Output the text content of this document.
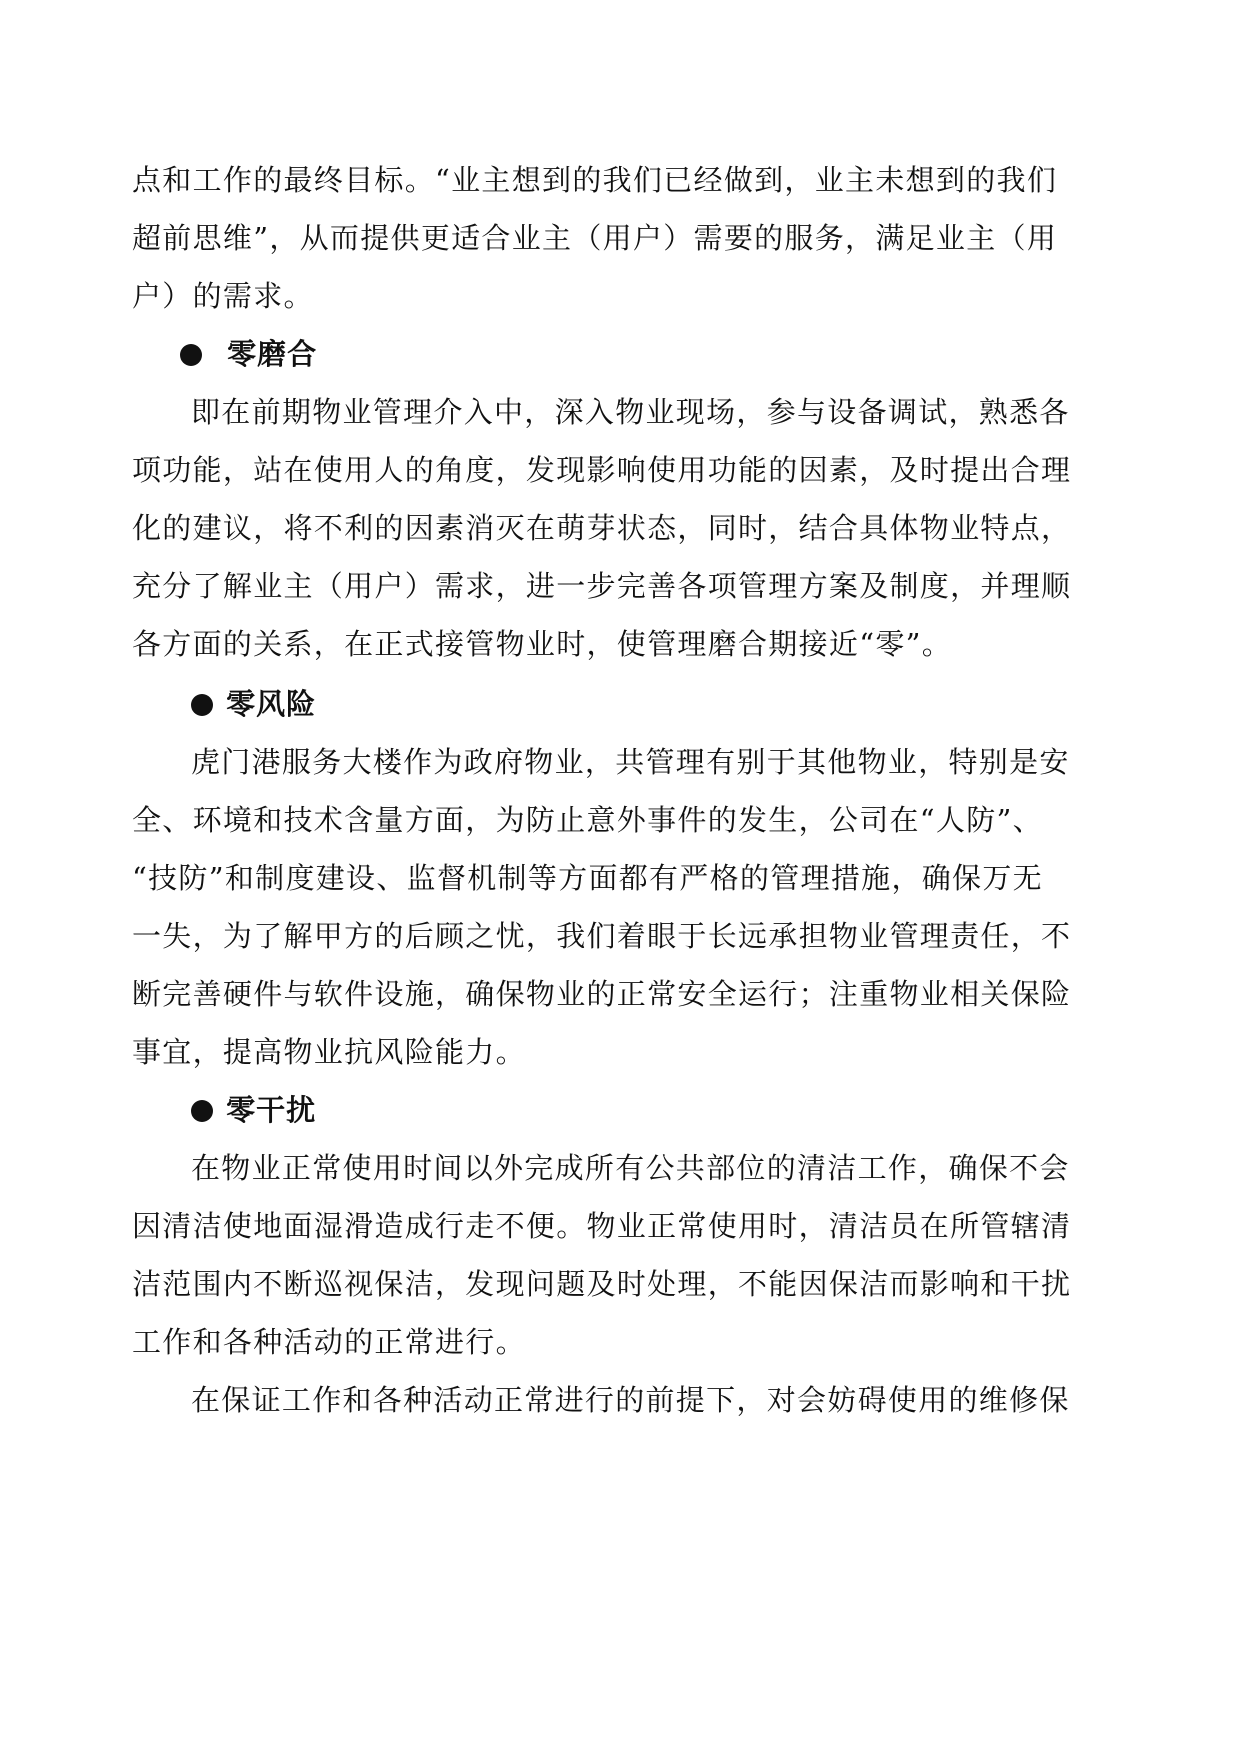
点和工作的最终目标。“业主想到的我们已经做到，业主未想到的我们
超前思维”，从而提供更适合业主（用户）需要的服务，满足业主（用
户）的需求。
零磨合
即在前期物业管理介入中，深入物业现场，参与设备调试，熟悉各
项功能，站在使用人的角度，发现影响使用功能的因素，及时提出合理
化的建议，将不利的因素消灭在萌芽状态，同时，结合具体物业特点，
充分了解业主（用户）需求，进一步完善各项管理方案及制度，并理顺
各方面的关系，在正式接管物业时，使管理磨合期接近“零”。
零风险
虎门港服务大楼作为政府物业，共管理有别于其他物业，特别是安
全、环境和技术含量方面，为防止意外事件的发生，公司在“人防”、
“技防”和制度建设、监督机制等方面都有严格的管理措施，确保万无
一失，为了解甲方的后顾之忧，我们着眼于长远承担物业管理责任，不
断完善硬件与软件设施，确保物业的正常安全运行；注重物业相关保险
事宜，提高物业抗风险能力。
零干扰
在物业正常使用时间以外完成所有公共部位的清洁工作，确保不会
因清洁使地面湿滑造成行走不便。物业正常使用时，清洁员在所管辖清
洁范围内不断巡视保洁，发现问题及时处理，不能因保洁而影响和干扰
工作和各种活动的正常进行。
在保证工作和各种活动正常进行的前提下，对会妨碍使用的维修保
